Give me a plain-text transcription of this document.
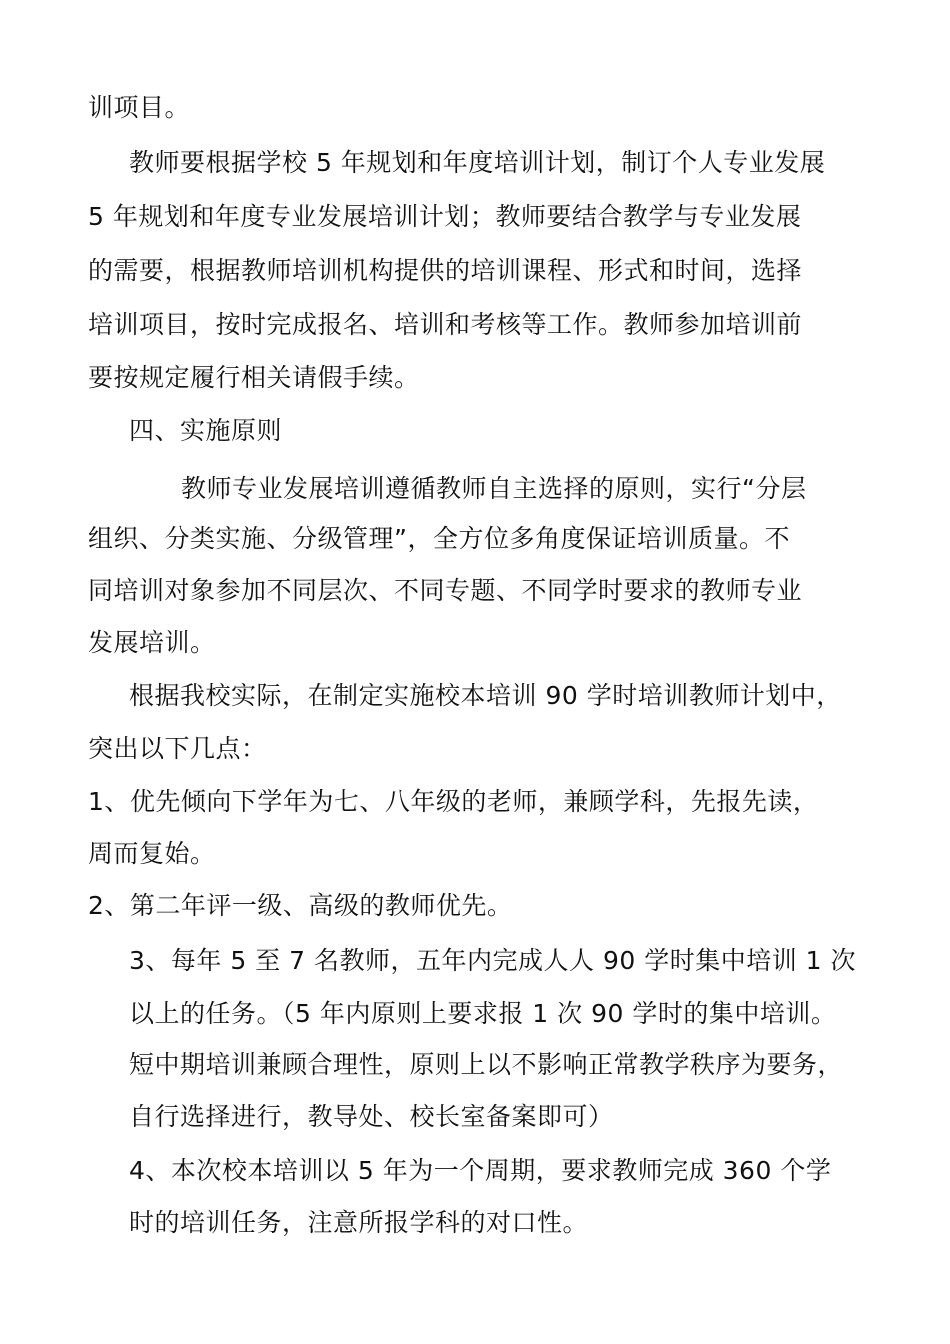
训项目。
教师要根据学校 5 年规划和年度培训计划，制订个人专业发展
5 年规划和年度专业发展培训计划；教师要结合教学与专业发展
的需要，根据教师培训机构提供的培训课程、形式和时间，选择
培训项目，按时完成报名、培训和考核等工作。教师参加培训前
要按规定履行相关请假手续。
四、实施原则
教师专业发展培训遵循教师自主选择的原则，实行“分层
组织、分类实施、分级管理”，全方位多角度保证培训质量。不
同培训对象参加不同层次、不同专题、不同学时要求的教师专业
发展培训。
根据我校实际，在制定实施校本培训 90 学时培训教师计划中，
突出以下几点：
1、优先倾向下学年为七、八年级的老师，兼顾学科，先报先读，
周而复始。
2、第二年评一级、高级的教师优先。
3、每年 5 至 7 名教师，五年内完成人人 90 学时集中培训 1 次
以上的任务。（5 年内原则上要求报 1 次 90 学时的集中培训。
短中期培训兼顾合理性，原则上以不影响正常教学秩序为要务，
自行选择进行，教导处、校长室备案即可）
4、本次校本培训以 5 年为一个周期，要求教师完成 360 个学
时的培训任务，注意所报学科的对口性。
